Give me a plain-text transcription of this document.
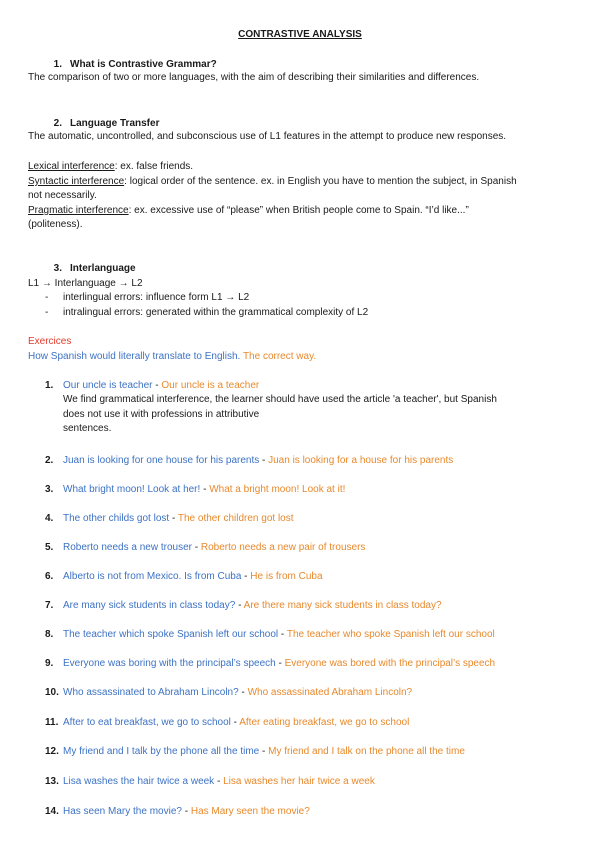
CONTRASTIVE ANALYSIS
1. What is Contrastive Grammar?
The comparison of two or more languages, with the aim of describing their similarities and differences.
2. Language Transfer
The automatic, uncontrolled, and subconscious use of L1 features in the attempt to produce new responses.
Lexical interference: ex. false friends.
Syntactic interference: logical order of the sentence. ex. in English you have to mention the subject, in Spanish
not necessarily.
Pragmatic interference: ex. excessive use of “please” when British people come to Spain. “I’d like...”
(politeness).
3. Interlanguage
L1 → Interlanguage → L2
- interlingual errors: influence form L1 → L2
- intralingual errors: generated within the grammatical complexity of L2
Exercices
How Spanish would literally translate to English. The correct way.
1. Our uncle is teacher - Our uncle is a teacher
We find grammatical interference, the learner should have used the article 'a teacher', but Spanish
does not use it with professions in attributive
sentences.
2. Juan is looking for one house for his parents - Juan is looking for a house for his parents
3. What bright moon! Look at her! - What a bright moon! Look at it!
4. The other childs got lost - The other children got lost
5. Roberto needs a new trouser - Roberto needs a new pair of trousers
6. Alberto is not from Mexico. Is from Cuba - He is from Cuba
7. Are many sick students in class today? - Are there many sick students in class today?
8. The teacher which spoke Spanish left our school - The teacher who spoke Spanish left our school
9. Everyone was boring with the principal’s speech - Everyone was bored with the principal’s speech
10. Who assassinated to Abraham Lincoln? - Who assassinated Abraham Lincoln?
11. After to eat breakfast, we go to school - After eating breakfast, we go to school
12. My friend and I talk by the phone all the time - My friend and I talk on the phone all the time
13. Lisa washes the hair twice a week - Lisa washes her hair twice a week
14. Has seen Mary the movie? - Has Mary seen the movie?
